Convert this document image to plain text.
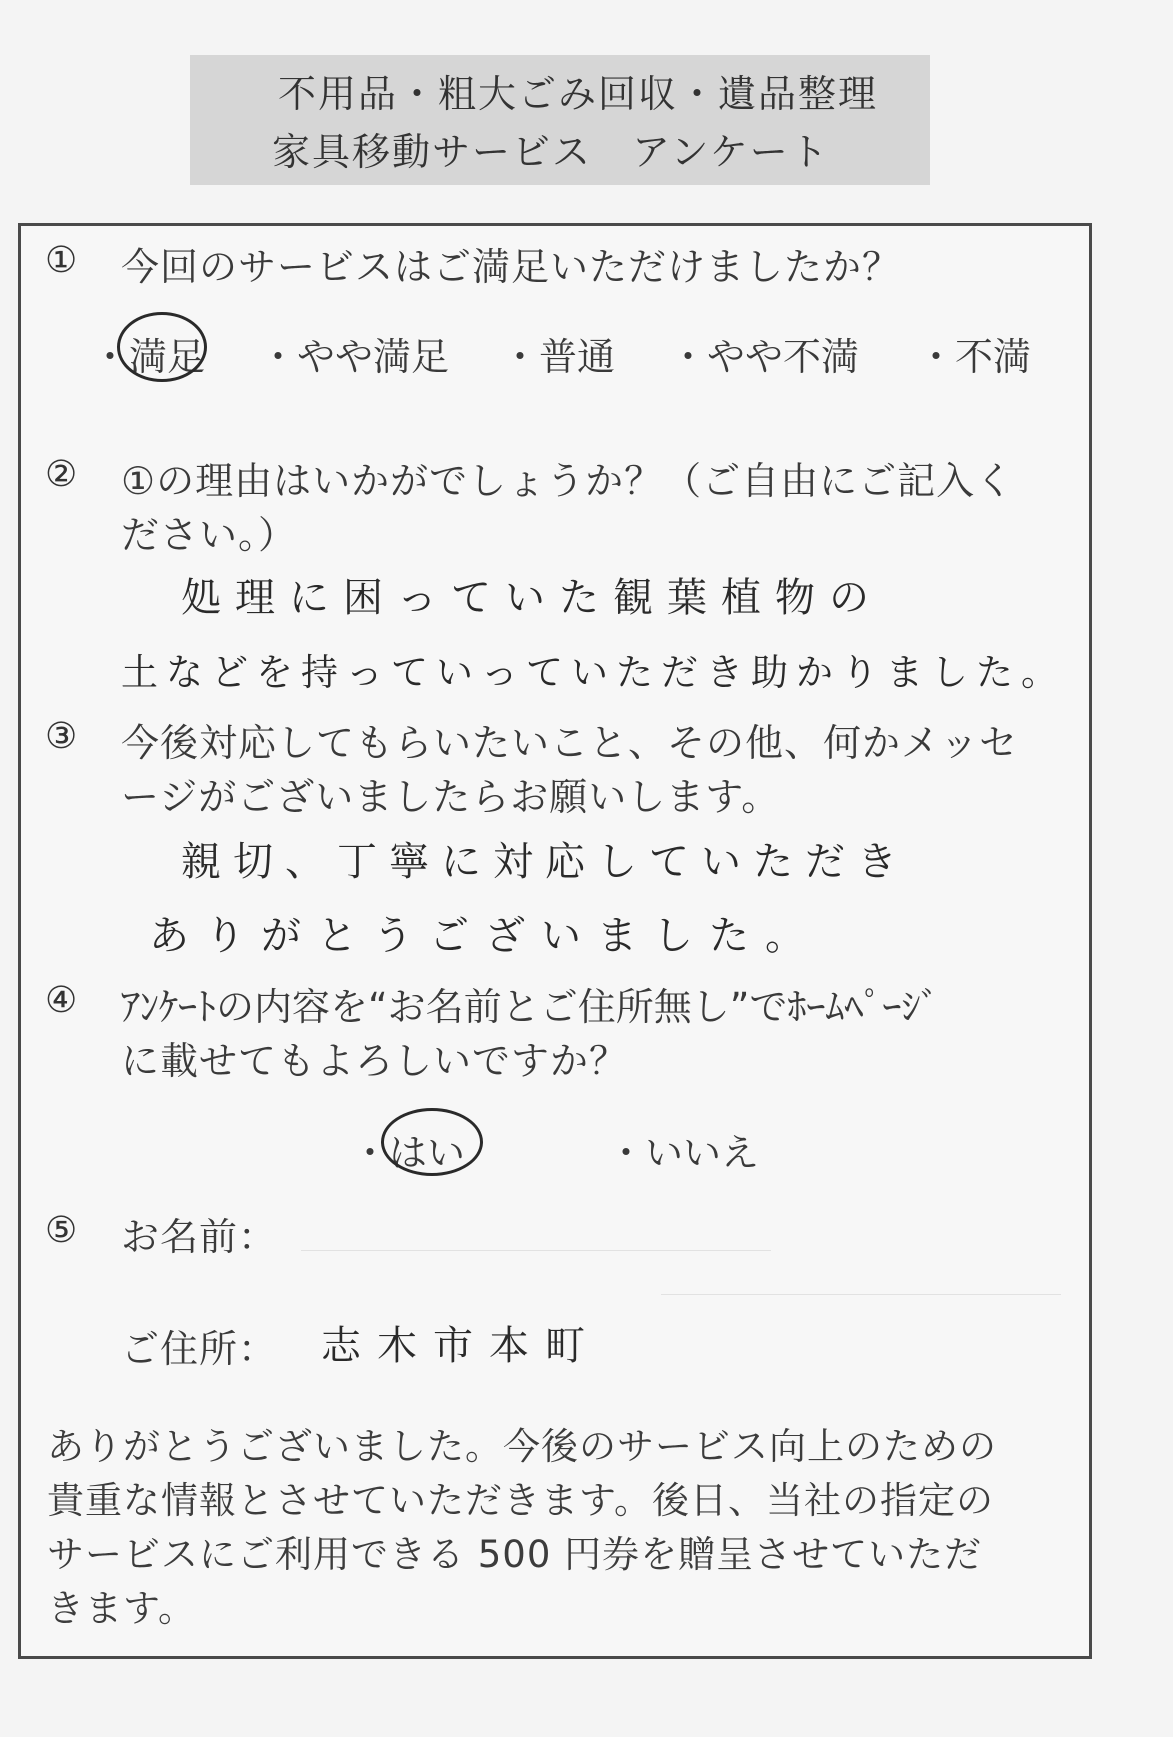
不用品・粗大ごみ回収・遺品整理
家具移動サービス　アンケート
① 今回のサービスはご満足いただけましたか？
・満足 ・やや満足 ・普通 ・やや不満 ・不満
② ①の理由はいかがでしょうか？（ご自由にご記入く
ださい。）
処理に困っていた観葉植物の
土などを持っていっていただき助かりました。
③ 今後対応してもらいたいこと、その他、何かメッセ
ージがございましたらお願いします。
親切、丁寧に対応していただき
ありがとうございました。
④ ｱﾝｹｰﾄの内容を“お名前とご住所無し”でﾎｰﾑﾍﾟｰｼﾞ
に載せてもよろしいですか？
・はい	・いいえ
⑤ お名前：
ご住所： 志木市本町
ありがとうございました。今後のサービス向上のための
貴重な情報とさせていただきます。後日、当社の指定の
サービスにご利用できる 500 円券を贈呈させていただ
きます。
